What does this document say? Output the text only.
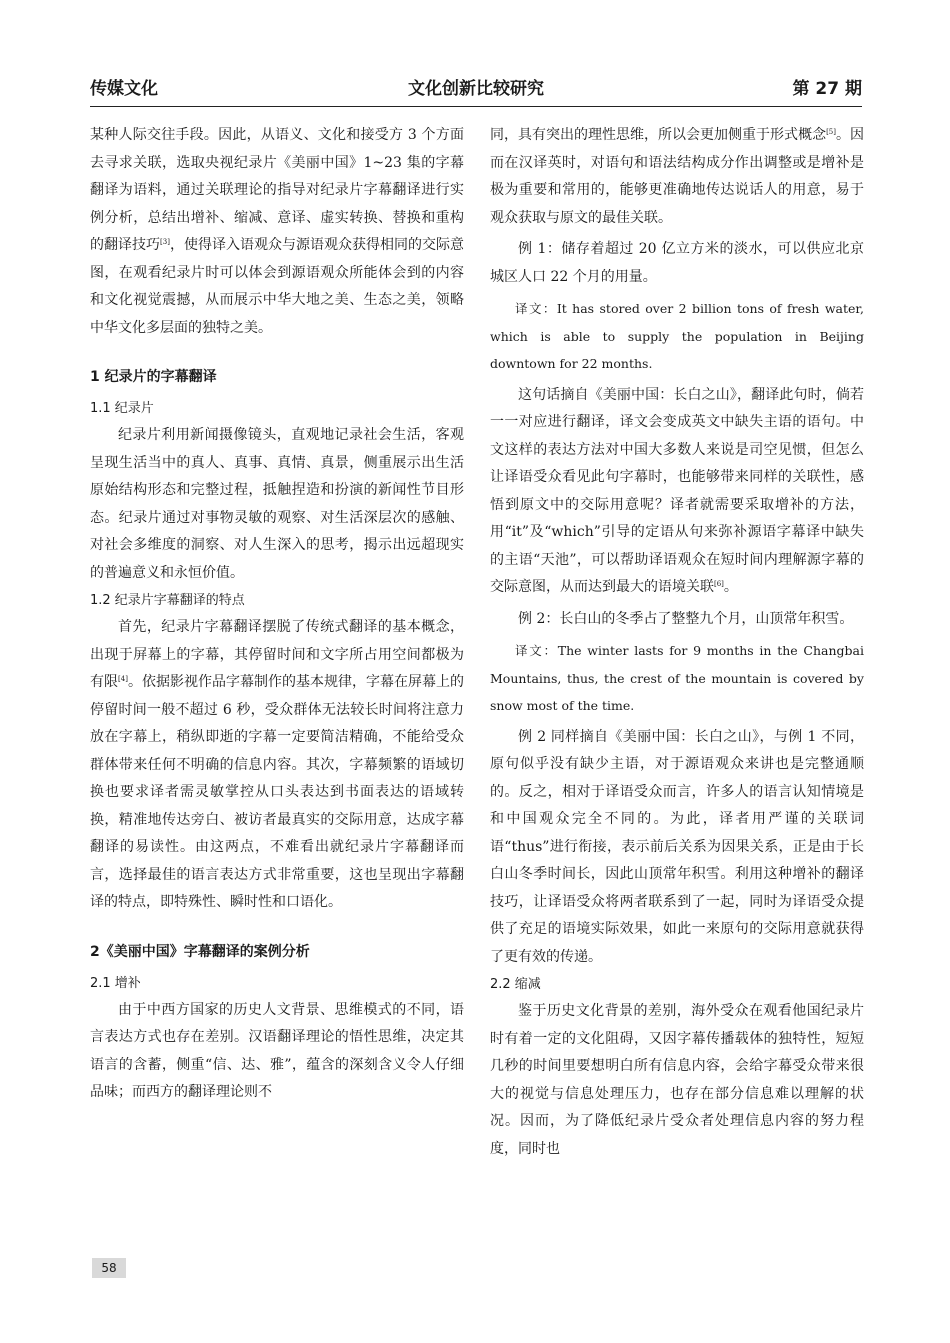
传媒文化	文化创新比较研究	第 27 期

某种人际交往手段。因此，从语义、文化和接受方 3 个方面去寻求关联，选取央视纪录片《美丽中国》1~23 集的字幕翻译为语料，通过关联理论的指导对纪录片字幕翻译进行实例分析，总结出增补、缩减、意译、虚实转换、替换和重构的翻译技巧[3]，使得译入语观众与源语观众获得相同的交际意图，在观看纪录片时可以体会到源语观众所能体会到的内容和文化视觉震撼，从而展示中华大地之美、生态之美，领略中华文化多层面的独特之美。

1 纪录片的字幕翻译
1.1 纪录片

纪录片利用新闻摄像镜头，直观地记录社会生活，客观呈现生活当中的真人、真事、真情、真景，侧重展示出生活原始结构形态和完整过程，抵触捏造和扮演的新闻性节目形态。纪录片通过对事物灵敏的观察、对生活深层次的感触、对社会多维度的洞察、对人生深入的思考，揭示出远超现实的普遍意义和永恒价值。

1.2 纪录片字幕翻译的特点

首先，纪录片字幕翻译摆脱了传统式翻译的基本概念，出现于屏幕上的字幕，其停留时间和文字所占用空间都极为有限[4]。依据影视作品字幕制作的基本规律，字幕在屏幕上的停留时间一般不超过 6 秒，受众群体无法较长时间将注意力放在字幕上，稍纵即逝的字幕一定要简洁精确，不能给受众群体带来任何不明确的信息内容。其次，字幕频繁的语域切换也要求译者需灵敏掌控从口头表达到书面表达的语域转换，精准地传达旁白、被访者最真实的交际用意，达成字幕翻译的易读性。由这两点，不难看出就纪录片字幕翻译而言，选择最佳的语言表达方式非常重要，这也呈现出字幕翻译的特点，即特殊性、瞬时性和口语化。

2《美丽中国》字幕翻译的案例分析
2.1 增补

由于中西方国家的历史人文背景、思维模式的不同，语言表达方式也存在差别。汉语翻译理论的悟性思维，决定其语言的含蓄，侧重“信、达、雅”，蕴含的深刻含义令人仔细品味；而西方的翻译理论则不

同，具有突出的理性思维，所以会更加侧重于形式概念[5]。因而在汉译英时，对语句和语法结构成分作出调整或是增补是极为重要和常用的，能够更准确地传达说话人的用意，易于观众获取与原文的最佳关联。

例 1：储存着超过 20 亿立方米的淡水，可以供应北京城区人口 22 个月的用量。

译文：It has stored over 2 billion tons of fresh water, which is able to supply the population in Beijing downtown for 22 months.

这句话摘自《美丽中国：长白之山》，翻译此句时，倘若一一对应进行翻译，译文会变成英文中缺失主语的语句。中文这样的表达方法对中国大多数人来说是司空见惯，但怎么让译语受众看见此句字幕时，也能够带来同样的关联性，感悟到原文中的交际用意呢？译者就需要采取增补的方法，用“it”及“which”引导的定语从句来弥补源语字幕译中缺失的主语“天池”，可以帮助译语观众在短时间内理解源字幕的交际意图，从而达到最大的语境关联[6]。

例 2：长白山的冬季占了整整九个月，山顶常年积雪。

译文：The winter lasts for 9 months in the Changbai Mountains, thus, the crest of the mountain is covered by snow most of the time.

例 2 同样摘自《美丽中国：长白之山》，与例 1 不同，原句似乎没有缺少主语，对于源语观众来讲也是完整通顺的。反之，相对于译语受众而言，许多人的语言认知情境是和中国观众完全不同的。为此，译者用严谨的关联词语“thus”进行衔接，表示前后关系为因果关系，正是由于长白山冬季时间长，因此山顶常年积雪。利用这种增补的翻译技巧，让译语受众将两者联系到了一起，同时为译语受众提供了充足的语境实际效果，如此一来原句的交际用意就获得了更有效的传递。

2.2 缩减

鉴于历史文化背景的差别，海外受众在观看他国纪录片时有着一定的文化阻碍，又因字幕传播载体的独特性，短短几秒的时间里要想明白所有信息内容，会给字幕受众带来很大的视觉与信息处理压力，也存在部分信息难以理解的状况。因而，为了降低纪录片受众者处理信息内容的努力程度，同时也

58
